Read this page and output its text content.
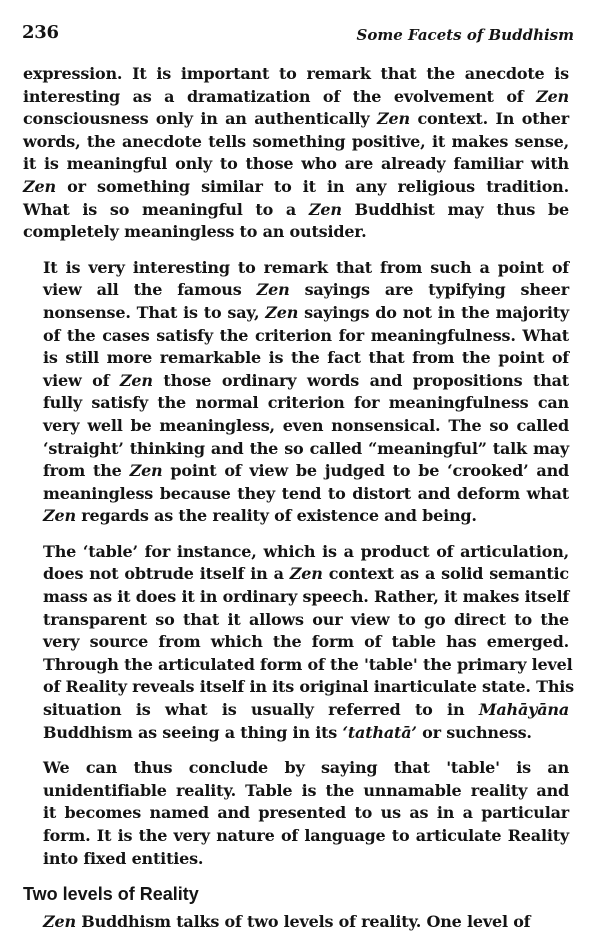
236	Some Facets of Buddhism
expression. It is important to remark that the anecdote is
interesting as a dramatization of the evolvement of Zen
consciousness only in an authentically Zen context. In other
words, the anecdote tells something positive, it makes sense,
it is meaningful only to those who are already familiar with
Zen or something similar to it in any religious tradition.
What is so meaningful to a Zen Buddhist may thus be
completely meaningless to an outsider.
It is very interesting to remark that from such a point of
view all the famous Zen sayings are typifying sheer
nonsense. That is to say, Zen sayings do not in the majority
of the cases satisfy the criterion for meaningfulness. What
is still more remarkable is the fact that from the point of
view of Zen those ordinary words and propositions that
fully satisfy the normal criterion for meaningfulness can
very well be meaningless, even nonsensical. The so called
‘straight’ thinking and the so called “meaningful” talk may
from the Zen point of view be judged to be ‘crooked’ and
meaningless because they tend to distort and deform what
Zen regards as the reality of existence and being.
The ‘table’ for instance, which is a product of articulation,
does not obtrude itself in a Zen context as a solid semantic
mass as it does it in ordinary speech. Rather, it makes itself
transparent so that it allows our view to go direct to the
very source from which the form of table has emerged.
Through the articulated form of the 'table' the primary level
of Reality reveals itself in its original inarticulate state. This
situation is what is usually referred to in Mahāyāna
Buddhism as seeing a thing in its ‘tathatā’ or suchness.
We can thus conclude by saying that 'table' is an
unidentifiable reality. Table is the unnamable reality and
it becomes named and presented to us as in a particular
form. It is the very nature of language to articulate Reality
into fixed entities.
Two levels of Reality
Zen Buddhism talks of two levels of reality. One level of
